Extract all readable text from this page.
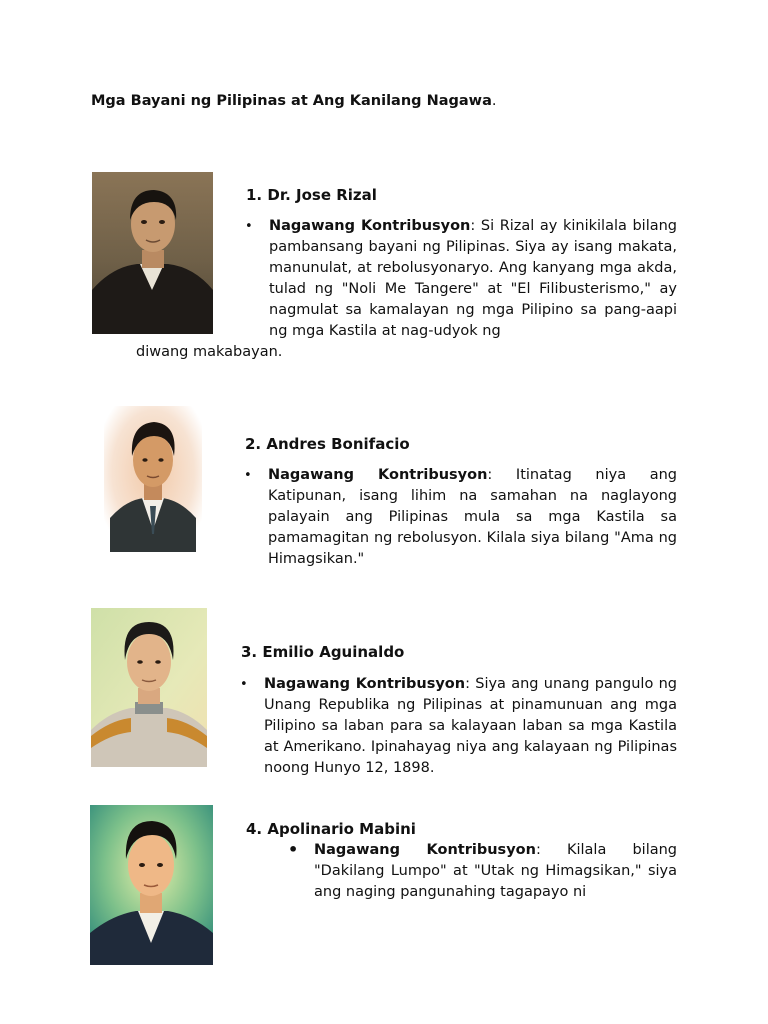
Mga Bayani ng Pilipinas at Ang Kanilang Nagawa.
1. Dr. Jose Rizal
• Nagawang Kontribusyon: Si Rizal ay kinikilala bilang pambansang bayani ng Pilipinas. Siya ay isang makata, manunulat, at rebolusyonaryo. Ang kanyang mga akda, tulad ng "Noli Me Tangere" at "El Filibusterismo," ay nagmulat sa kamalayan ng mga Pilipino sa pang-aapi ng mga Kastila at nag-udyok ng
diwang makabayan.
2. Andres Bonifacio
• Nagawang Kontribusyon: Itinatag niya ang Katipunan, isang lihim na samahan na naglayong palayain ang Pilipinas mula sa mga Kastila sa pamamagitan ng rebolusyon. Kilala siya bilang "Ama ng Himagsikan."
3. Emilio Aguinaldo
• Nagawang Kontribusyon: Siya ang unang pangulo ng Unang Republika ng Pilipinas at pinamunuan ang mga Pilipino sa laban para sa kalayaan laban sa mga Kastila at Amerikano. Ipinahayag niya ang kalayaan ng Pilipinas noong Hunyo 12, 1898.
4. Apolinario Mabini
• Nagawang Kontribusyon: Kilala bilang "Dakilang Lumpo" at "Utak ng Himagsikan," siya ang naging pangunahing tagapayo ni
